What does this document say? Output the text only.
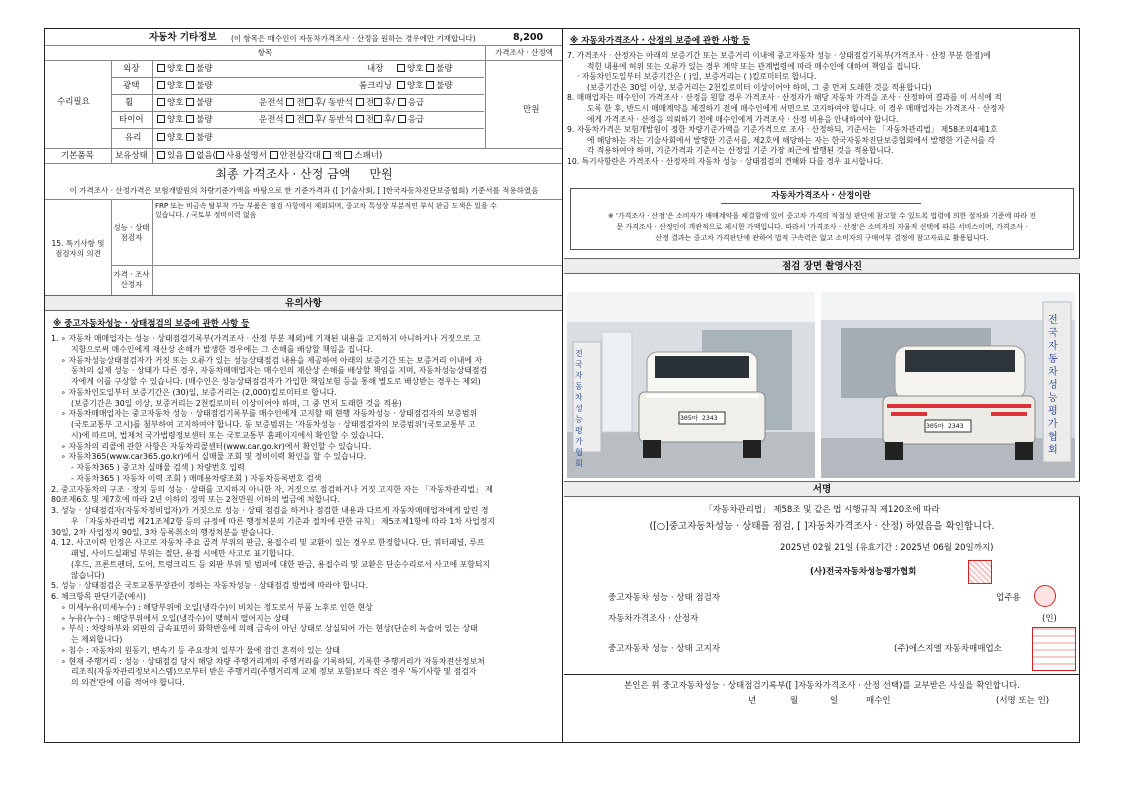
자동차 기타정보 (이 항목은 매수인이 자동차가격조사 · 산정을 원하는 경우에만 기재합니다)	8,200
항목	가격조사 · 산정액
수리필요
만원
외장	양호 불량	내장	양호 불량
광택	양호 불량	룸크리닝	양호 불량
휠	양호 불량	운전석 전 후/ 동반석 전 후/ 응급
타이어	양호 불량	운전석 전 후/ 동반석 전 후/ 응급
유리	양호 불량
기본품목 보유상태	있음 없음( 사용설명서 안전삼각대 잭 스패너)
최종 가격조사 · 산정 금액 만원
이 가격조사 · 산정가격은 보험개발원의 차량기준가액을 바탕으로 한 기준가격과 ([ ]기술사회, [ ]한국자동차진단보증협회) 기준서를 적용하였음
15. 특기사항 및
점검자의 의견
성능 · 상태
점검자
FRP 또는 비금속 탈부착 가능 부품은 점검 사항에서 제외되며, 중고차 특성상 부분적인 부식 판금 도색은 있을 수
있습니다. / 국토부 정비이력 없음
가격 · 조사
산정자
유의사항
※ 중고자동차성능 · 상태점검의 보증에 관한 사항 등
1. ∘ 자동차 매매업자는 성능 · 상태점검기록부(가격조사 · 산정 부분 제외)에 기재된 내용을 고지하지 아니하거나 거짓으로 고
지함으로써 매수인에게 재산상 손해가 발생한 경우에는 그 손해를 배상할 책임을 집니다.
∘ 자동차성능상태점검자가 거짓 또는 오류가 있는 성능상태점검 내용을 제공하여 아래의 보증기간 또는 보증거리 이내에 자
동차의 실제 성능 · 상태가 다른 경우, 자동차매매업자는 매수인의 재산상 손해를 배상할 책임을 지며, 자동차성능상태점검
자에게 이를 구상할 수 있습니다. (매수인은 성능상태점검자가 가입한 책임보험 등을 통해 별도로 배상받는 경우는 제외)
∘ 자동차인도일부터 보증기간은 (30)일, 보증거리는 (2,000)킬로미터로 합니다.
(보증기간은 30일 이상, 보증거리는 2천킬로미터 이상이어야 하며, 그 중 먼저 도래한 것을 적용)
∘ 자동차매매업자는 중고자동차 성능 · 상태점검기록부를 매수인에게 고지할 때 현행 자동차성능 · 상태점검자의 보증범위
(국토교통부 고시)를 첨부하여 고지하여야 합니다. 동 보증범위는 '자동차성능 · 상태점검자의 보증범위'(국토교통부 고
시)에 따르며, 법제처 국가법령정보센터 또는 국토교통부 홈페이지에서 확인할 수 있습니다.
∘ 자동차의 리콜에 관한 사항은 자동차리콜센터(www.car.go.kr)에서 확인할 수 있습니다.
∘ 자동차365(www.car365.go.kr)에서 실매물 조회 및 정비이력 확인을 할 수 있습니다.
- 자동차365 ) 중고차 실매물 검색 ) 차량번호 입력
- 자동차365 ) 자동차 이력 조회 ) 매매용차량조회 ) 자동차등록번호 검색
2. 중고자동차의 구조 · 장치 등의 성능 · 상태를 고지하지 아니한 자, 거짓으로 점검하거나 거짓 고지한 자는 「자동차관리법」 제
80조제6호 및 제7호에 따라 2년 이하의 징역 또는 2천만원 이하의 벌금에 처합니다.
3. 성능 · 상태점검자(자동차정비업자)가 거짓으로 성능 · 상태 점검을 하거나 점검한 내용과 다르게 자동차매매업자에게 알린 경
우 「자동차관리법 제21조제2항 등의 규정에 따른 행정처분의 기준과 절차에 관한 규칙」 제5조제1항에 따라 1차 사업정지
30일, 2차 사업정지 90일, 3차 등록취소의 행정처분을 받습니다.
4. 12. 사고이력 인정은 사고로 자동차 주요 골격 부위의 판금, 용접수리 및 교환이 있는 경우로 한정합니다. 단, 쿼터패널, 루프
패널, 사이드실패널 부위는 절단, 용접 시에만 사고로 표기합니다.
(후드, 프론트펜더, 도어, 트렁크리드 등 외판 부위 및 범퍼에 대한 판금, 용접수리 및 교환은 단순수리로서 사고에 포함되지
않습니다)
5. 성능 · 상태점검은 국토교통부장관이 정하는 자동차성능 · 상태점검 방법에 따라야 합니다.
6. 체크항목 판단기준(예시)
∘ 미세누유(미세누수) : 해당부위에 오일(냉각수)이 비치는 정도로서 부품 노후로 인한 현상
∘ 누유(누수) : 해당부위에서 오일(냉각수)이 맺혀서 떨어지는 상태
∘ 부식 : 차량하부와 외판의 금속표면이 화학반응에 의해 금속이 아닌 상태로 상실되어 가는 현상(단순히 녹슬어 있는 상태
는 제외합니다)
∘ 침수 : 자동차의 원동기, 변속기 등 주요장치 일부가 물에 잠긴 흔적이 있는 상태
∘ 현재 주행거리 : 성능 · 상태점검 당시 해당 차량 주행거리계의 주행거리를 기록하되, 기록한 주행거리가 자동차전산정보처
리조직(자동차관리정보시스템)으로부터 받은 주행거리(주행거리계 교체 정보 포함)보다 적은 경우 '특기사항 및 점검자
의 의견'란에 이를 적어야 합니다.
※ 자동차가격조사 · 산정의 보증에 관한 사항 등
7. 가격조사 · 산정자는 아래의 보증기간 또는 보증거리 이내에 중고자동차 성능 · 상태점검기록부(가격조사 · 산정 부분 한정)에
적힌 내용에 허위 또는 오류가 있는 경우 계약 또는 관계법령에 따라 매수인에 대하여 책임을 집니다.
· 자동차인도일부터 보증기간은 ( )일, 보증거리는 ( )킬로미터로 합니다.
(보증기간은 30일 이상, 보증거리는 2천킬로미터 이상이어야 하며, 그 중 먼저 도래한 것을 적용합니다)
8. 매매업자는 매수인이 가격조사 · 산정을 원할 경우 가격조사 · 산정자가 해당 자동차 가격을 조사 · 산정하여 결과를 이 서식에 적
도록 한 후, 반드시 매매계약을 체결하기 전에 매수인에게 서면으로 고지하여야 합니다. 이 경우 매매업자는 가격조사 · 산정자
에게 가격조사 · 산정을 의뢰하기 전에 매수인에게 가격조사 · 산정 비용을 안내하여야 합니다.
9. 자동차가격은 보험개발원이 정한 차량기준가액을 기준가격으로 조사 · 산정하되, 기준서는 「자동차관리법」 제58조의4제1호
에 해당하는 자는 기술사회에서 발행한 기준서를, 제2호에 해당하는 자는 한국자동차진단보증협회에서 발행한 기준서를 각
각 적용하여야 하며, 기준가격과 기준서는 산정일 기준 가장 최근에 발행된 것을 적용합니다.
10. 특기사항란은 가격조사 · 산정자의 자동차 성능 · 상태점검의 견해와 다를 경우 표시합니다.
자동차가격조사 · 산정이란
※ '가격조사 · 산정'은 소비자가 매매계약을 체결함에 있어 중고차 가격의 적절성 판단에 참고할 수 있도록 법령에 의한 절차와 기준에 따라 전
문 가격조사 · 산정인이 객관적으로 제시한 가액입니다. 따라서 '가격조사 · 산정'은 소비자의 자율적 선택에 따른 서비스이며, 가격조사 ·
산정 결과는 중고차 가격판단에 관하여 법적 구속력은 없고 소비자의 구매여부 결정에 참고자료로 활용됩니다.
점검 장면 촬영사진
305마 2343
전국자동차성능평가협회
305마 2343
전국자동차성능평가협회
서명
「자동차관리법」 제58조 및 같은 법 시행규칙 제120조에 따라
([○]중고자동차성능 · 상태를 점검, [ ]자동차가격조사 · 산정) 하였음을 확인합니다.
2025년 02월 21일 (유효기간 : 2025년 06월 20일까지)
(사)전국자동차성능평가협회
중고자동차 성능 · 상태 점검자	업주용
자동차가격조사 · 산정자	(인)
중고자동차 성능 · 상태 고지자	(주)에스지엘 자동차매매업소
본인은 위 중고자동차성능 · 상태점검기록부([ ]자동차가격조사 · 산정 선택)를 교부받은 사실을 확인합니다.
년	월	일	매수인	(서명 또는 인)
